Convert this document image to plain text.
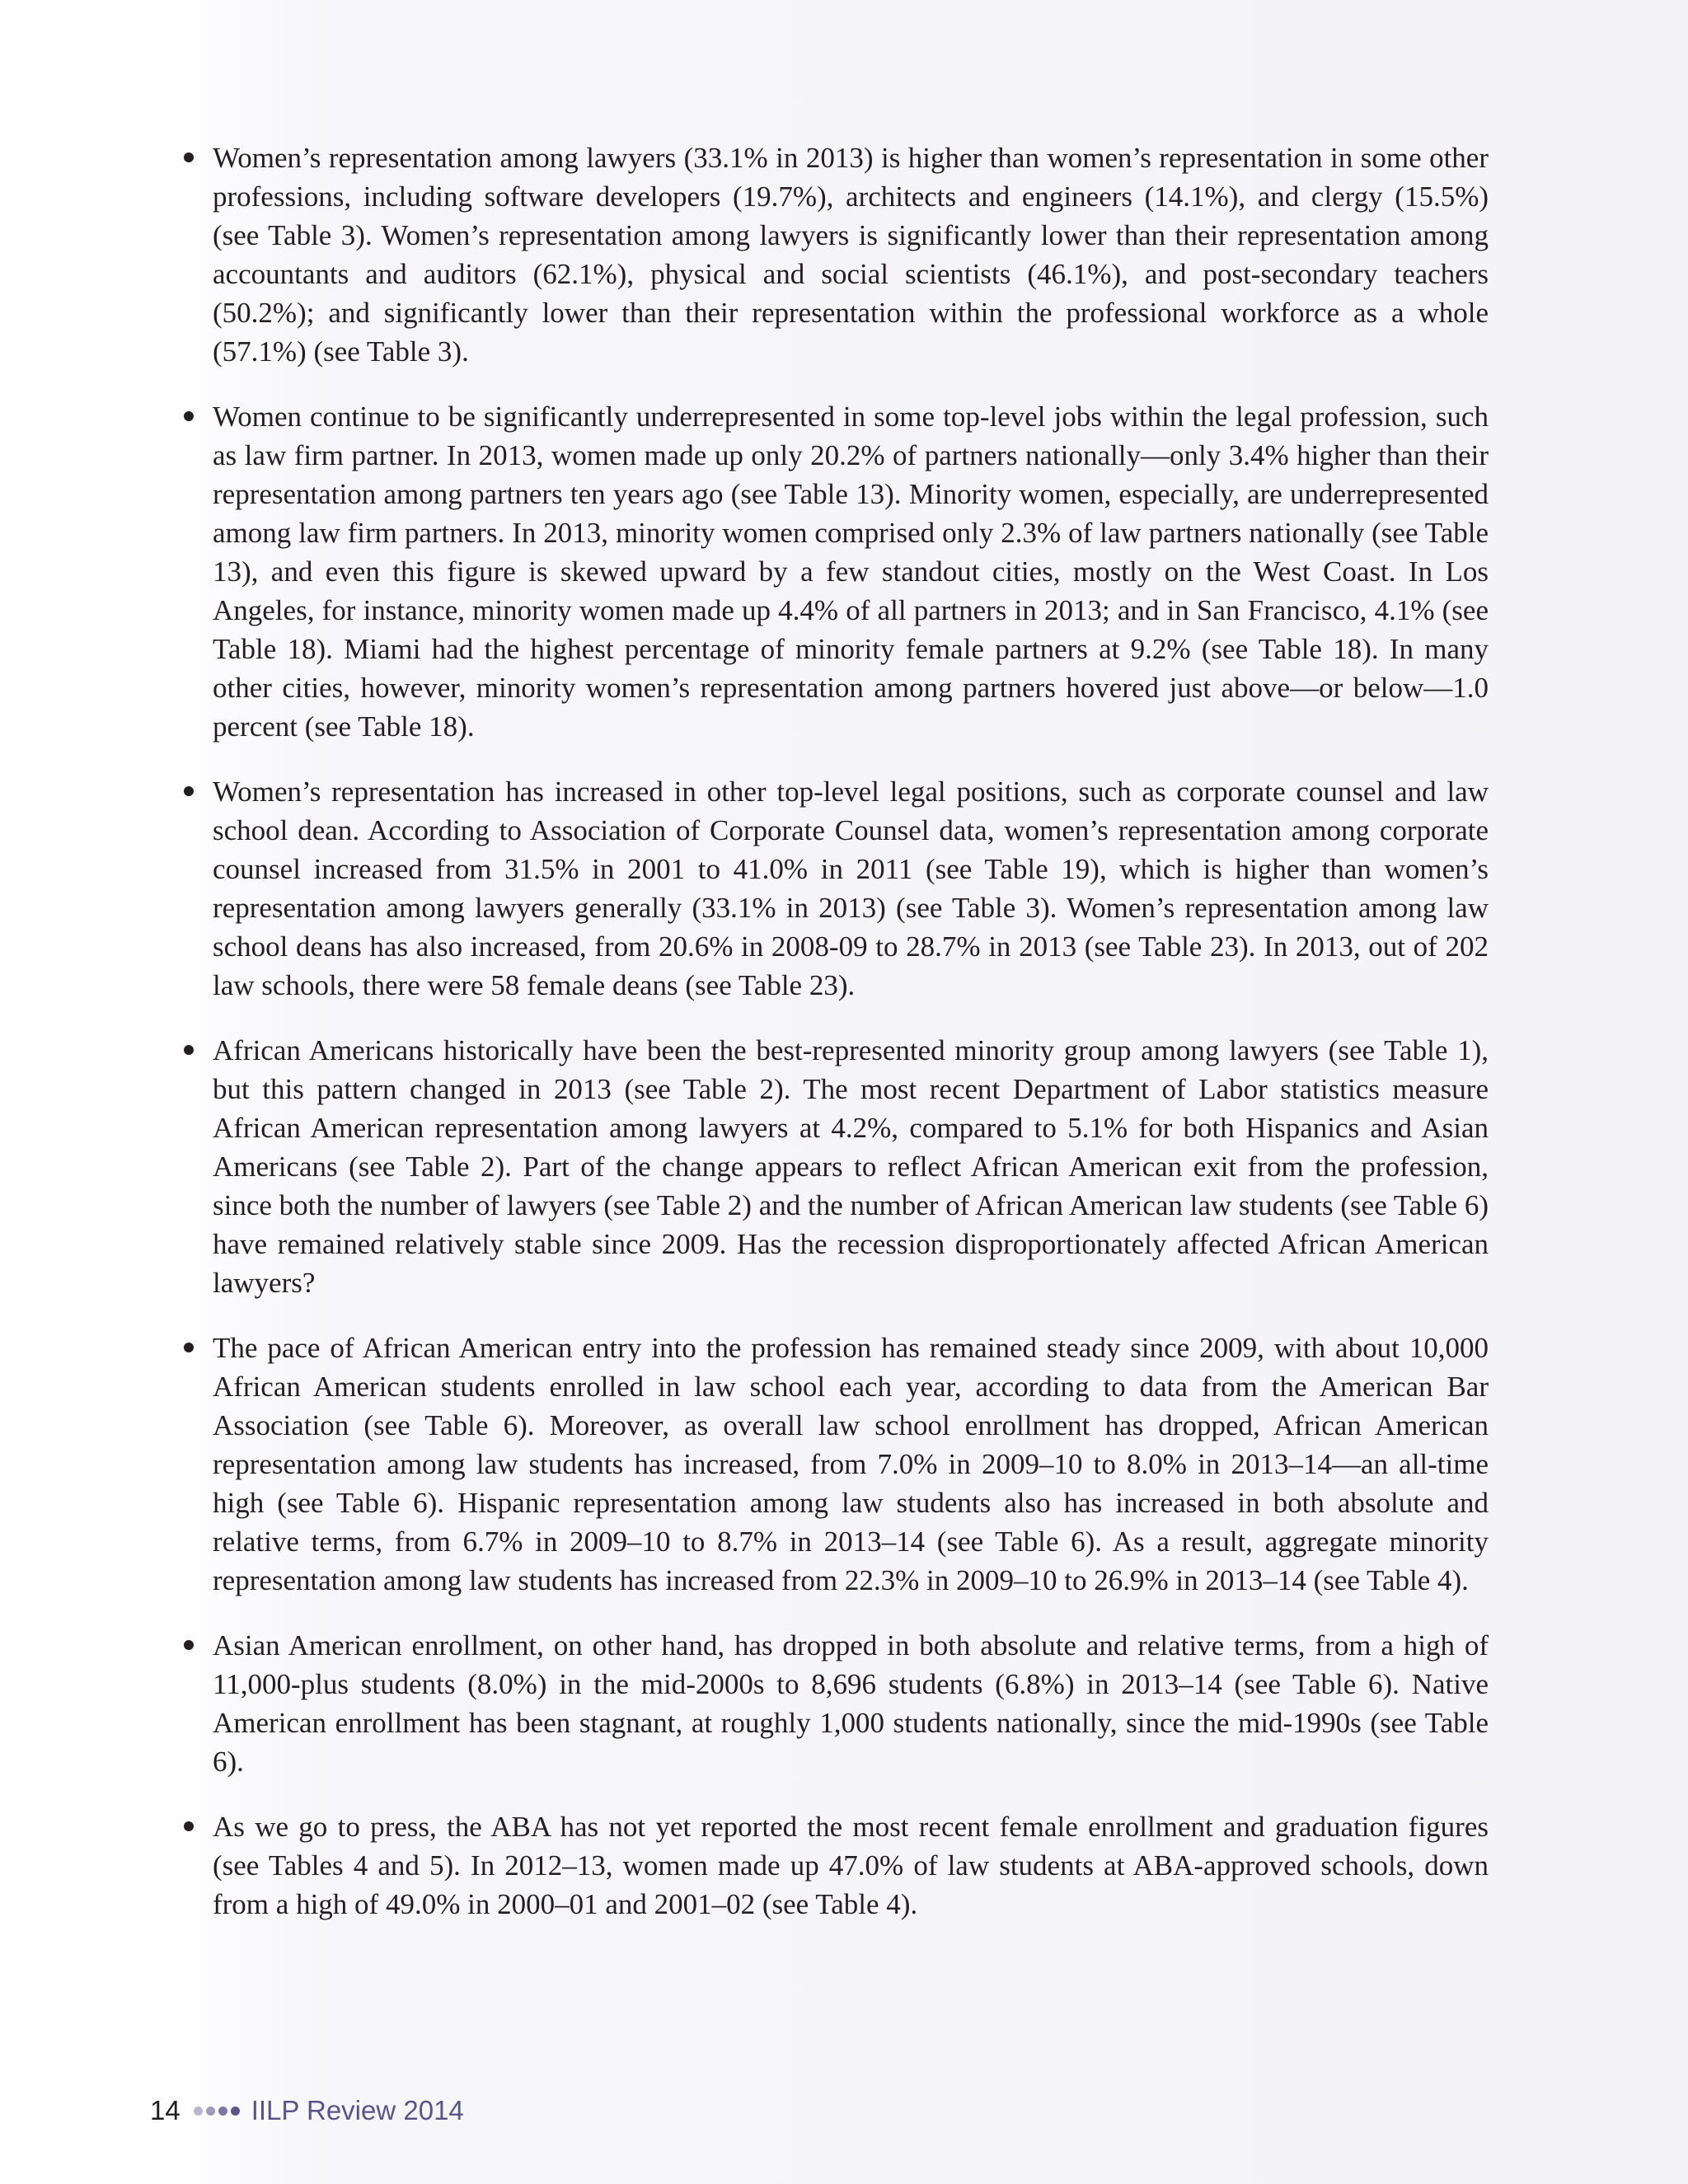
Women’s representation among lawyers (33.1% in 2013) is higher than women’s representation in some other professions, including software developers (19.7%), architects and engineers (14.1%), and clergy (15.5%) (see Table 3). Women’s representation among lawyers is significantly lower than their representation among accountants and auditors (62.1%), physical and social scientists (46.1%), and post-secondary teachers (50.2%); and significantly lower than their representation within the professional workforce as a whole (57.1%) (see Table 3).
Women continue to be significantly underrepresented in some top-level jobs within the legal profession, such as law firm partner. In 2013, women made up only 20.2% of partners nationally—only 3.4% higher than their representation among partners ten years ago (see Table 13). Minority women, especially, are underrepresented among law firm partners. In 2013, minority women comprised only 2.3% of law partners nationally (see Table 13), and even this figure is skewed upward by a few standout cities, mostly on the West Coast. In Los Angeles, for instance, minority women made up 4.4% of all partners in 2013; and in San Francisco, 4.1% (see Table 18). Miami had the highest percentage of minority female partners at 9.2% (see Table 18). In many other cities, however, minority women’s representation among partners hovered just above—or below—1.0 percent (see Table 18).
Women’s representation has increased in other top-level legal positions, such as corporate counsel and law school dean. According to Association of Corporate Counsel data, women’s representation among corporate counsel increased from 31.5% in 2001 to 41.0% in 2011 (see Table 19), which is higher than women’s representation among lawyers generally (33.1% in 2013) (see Table 3). Women’s representation among law school deans has also increased, from 20.6% in 2008-09 to 28.7% in 2013 (see Table 23). In 2013, out of 202 law schools, there were 58 female deans (see Table 23).
African Americans historically have been the best-represented minority group among lawyers (see Table 1), but this pattern changed in 2013 (see Table 2). The most recent Department of Labor statistics measure African American representation among lawyers at 4.2%, compared to 5.1% for both Hispanics and Asian Americans (see Table 2). Part of the change appears to reflect African American exit from the profession, since both the number of lawyers (see Table 2) and the number of African American law students (see Table 6) have remained relatively stable since 2009. Has the recession disproportionately affected African American lawyers?
The pace of African American entry into the profession has remained steady since 2009, with about 10,000 African American students enrolled in law school each year, according to data from the American Bar Association (see Table 6). Moreover, as overall law school enrollment has dropped, African American representation among law students has increased, from 7.0% in 2009–10 to 8.0% in 2013–14—an all-time high (see Table 6). Hispanic representation among law students also has increased in both absolute and relative terms, from 6.7% in 2009–10 to 8.7% in 2013–14 (see Table 6). As a result, aggregate minority representation among law students has increased from 22.3% in 2009–10 to 26.9% in 2013–14 (see Table 4).
Asian American enrollment, on other hand, has dropped in both absolute and relative terms, from a high of 11,000-plus students (8.0%) in the mid-2000s to 8,696 students (6.8%) in 2013–14 (see Table 6). Native American enrollment has been stagnant, at roughly 1,000 students nationally, since the mid-1990s (see Table 6).
As we go to press, the ABA has not yet reported the most recent female enrollment and graduation figures (see Tables 4 and 5). In 2012–13, women made up 47.0% of law students at ABA-approved schools, down from a high of 49.0% in 2000–01 and 2001–02 (see Table 4).
14	IILP Review 2014
